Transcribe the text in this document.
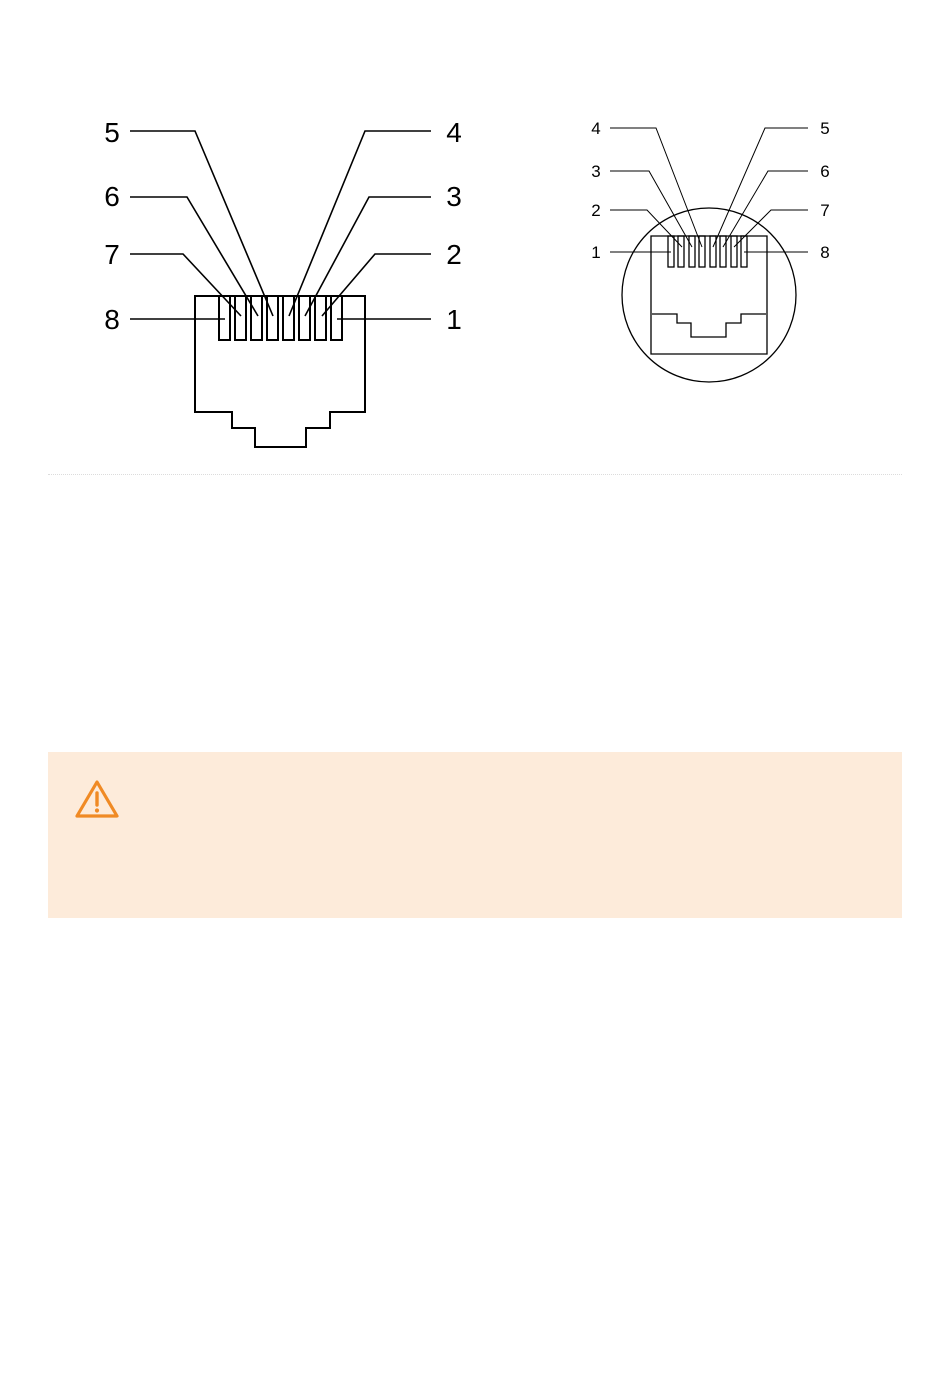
5
6
7
8
4
3
2
1
4
3
2
1
5
6
7
8
